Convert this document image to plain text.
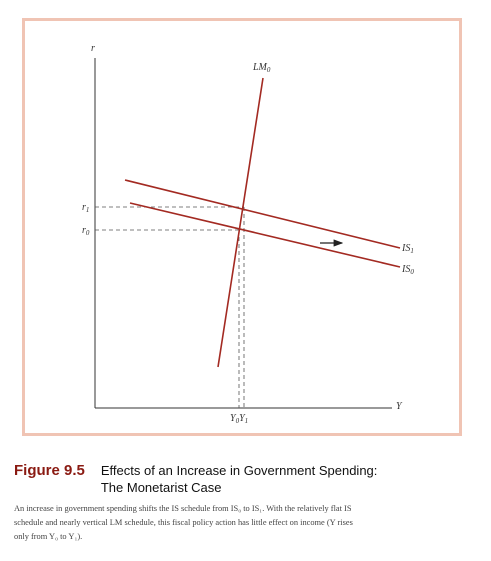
r
Y
$LM_0$
$IS_1$
$IS_0$
$r_1$
$r_0$
$Y_0Y_1$
Figure 9.5 Effects of an Increase in Government Spending:
The Monetarist Case
An increase in government spending shifts the IS schedule from IS₀ to IS₁. With the relatively flat IS
schedule and nearly vertical LM schedule, this fiscal policy action has little effect on income (Y rises
only from Y₀ to Y₁).
